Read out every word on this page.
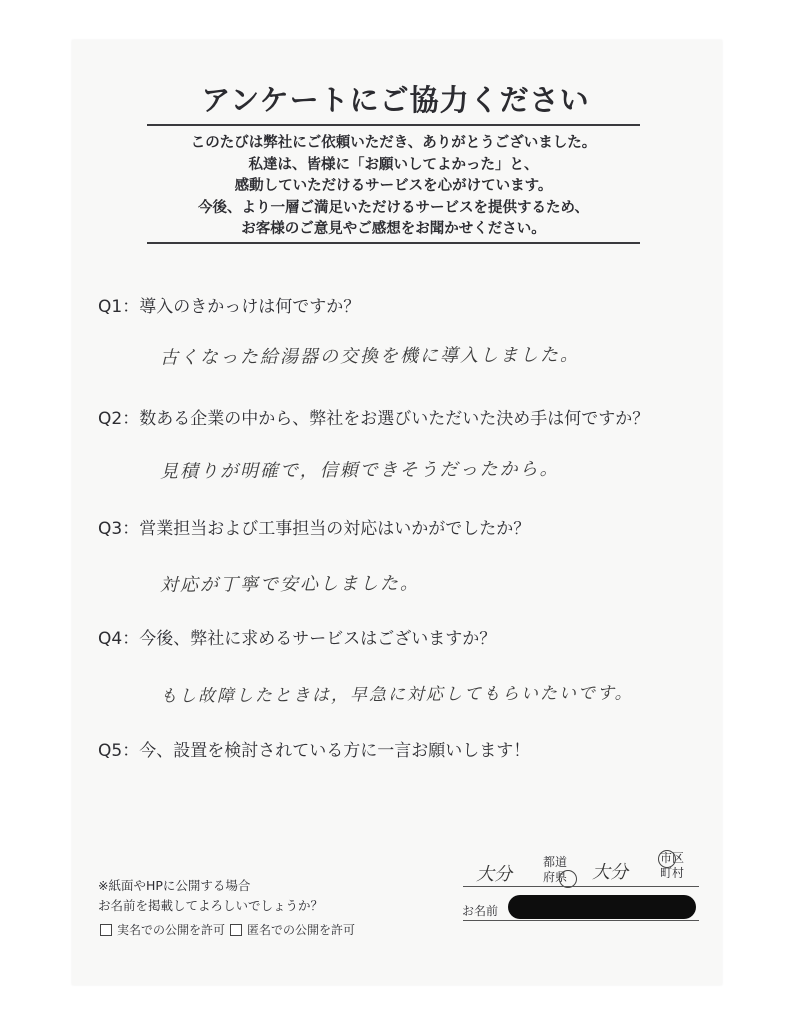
アンケートにご協力ください
このたびは弊社にご依頼いただき、ありがとうございました。
私達は、皆様に「お願いしてよかった」と、
感動していただけるサービスを心がけています。
今後、より一層ご満足いただけるサービスを提供するため、
お客様のご意見やご感想をお聞かせください。
Q1：導入のきかっけは何ですか？
古くなった給湯器の交換を機に導入しました。
Q2：数ある企業の中から、弊社をお選びいただいた決め手は何ですか？
見積りが明確で，信頼できそうだったから。
Q3：営業担当および工事担当の対応はいかがでしたか？
対応が丁寧で安心しました。
Q4：今後、弊社に求めるサービスはございますか？
もし故障したときは，早急に対応してもらいたいです。
Q5：今、設置を検討されている方に一言お願いします！
※紙面やHPに公開する場合
お名前を掲載してよろしいでしょうか？
実名での公開を許可 匿名での公開を許可
大分
都道
府県 大分
市区
町村
お名前
